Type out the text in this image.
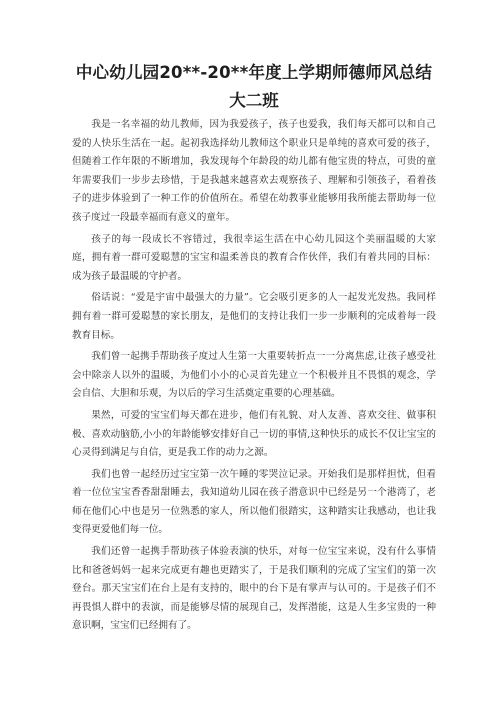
中心幼儿园20**-20**年度上学期师德师风总结
大二班

我是一名幸福的幼儿教师，因为我爱孩子，孩子也爱我，我们每天都可以和自己爱的人快乐生活在一起。起初我选择幼儿教师这个职业只是单纯的喜欢可爱的孩子，但随着工作年限的不断增加，我发现每个年龄段的幼儿都有他宝贵的特点，可贵的童年需要我们一步步去珍惜，于是我越来越喜欢去观察孩子、理解和引领孩子，看着孩子的进步体验到了一种工作的价值所在。希望在幼教事业能够用我所能去帮助每一位孩子度过一段最幸福而有意义的童年。

孩子的每一段成长不容错过，我很幸运生活在中心幼儿园这个美丽温暖的大家庭，拥有着一群可爱聪慧的宝宝和温柔善良的教育合作伙伴，我们有着共同的目标：成为孩子最温暖的守护者。

俗话说：“爱是宇宙中最强大的力量”。它会吸引更多的人一起发光发热。我同样拥有着一群可爱聪慧的家长朋友，是他们的支持让我们一步一步顺利的完成着每一段教育目标。

我们曾一起携手帮助孩子度过人生第一大重要转折点一一分离焦虑,让孩子感受社会中除亲人以外的温暖，为他们小小的心灵首先建立一个积极并且不畏惧的观念，学会自信、大胆和乐观，为以后的学习生活奠定重要的心理基础。

果然，可爱的宝宝们每天都在进步，他们有礼貌、对人友善、喜欢交往、做事积极、喜欢动脑筋,小小的年龄能够安排好自己一切的事情,这种快乐的成长不仅让宝宝的心灵得到满足与自信，更是我工作的动力之源。

我们也曾一起经历过宝宝第一次午睡的零哭泣记录。开始我们是那样担忧，但看着一位位宝宝香香甜甜睡去，我知道幼儿园在孩子潜意识中已经是另一个港湾了，老师在他们心中也是另一位熟悉的家人，所以他们很踏实，这种踏实让我感动，也让我变得更爱他们每一位。

我们还曾一起携手帮助孩子体验表演的快乐，对每一位宝宝来说，没有什么事情比和爸爸妈妈一起来完成更有趣也更踏实了，于是我们顺利的完成了宝宝们的第一次登台。那天宝宝们在台上是有支持的，眼中的台下是有掌声与认可的。于是孩子们不再畏惧人群中的表演，而是能够尽情的展现自己，发挥潜能，这是人生多宝贵的一种意识啊，宝宝们已经拥有了。
